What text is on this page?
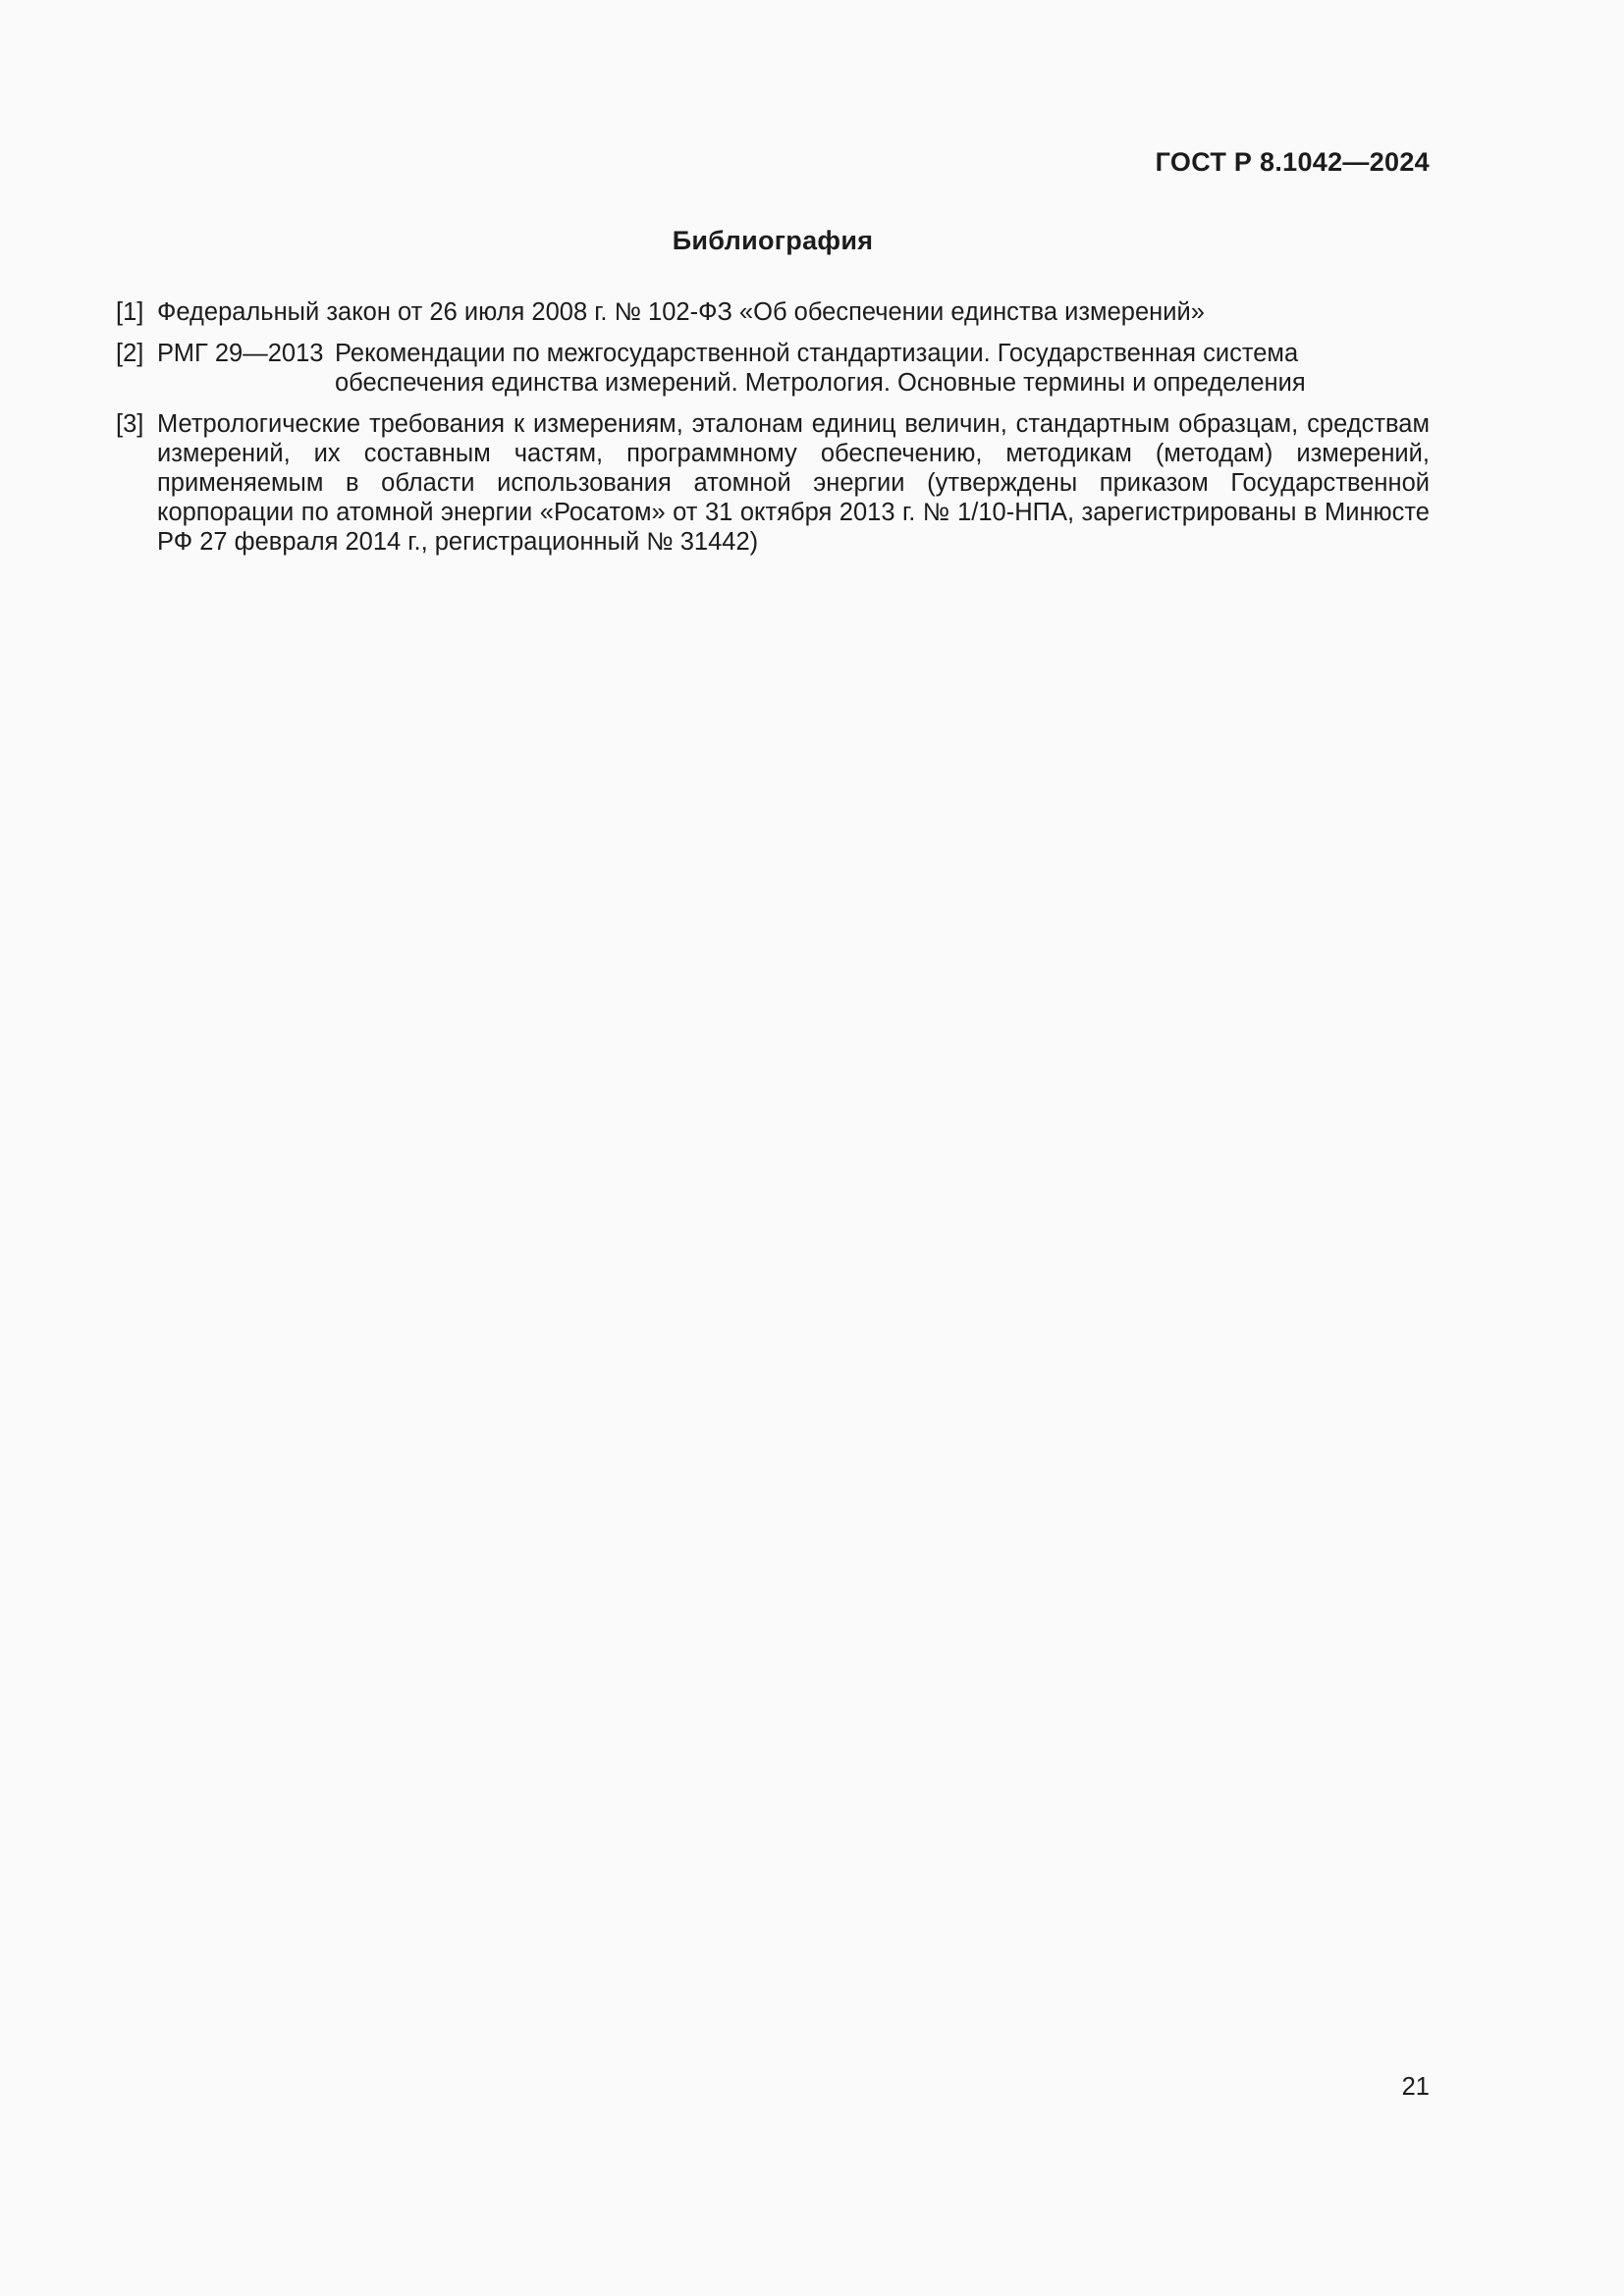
ГОСТ Р 8.1042—2024
Библиография
[1] Федеральный закон от 26 июля 2008 г. № 102-ФЗ «Об обеспечении единства измерений»
[2] РМГ 29—2013 Рекомендации по межгосударственной стандартизации. Государственная система обеспечения единства измерений. Метрология. Основные термины и определения
[3] Метрологические требования к измерениям, эталонам единиц величин, стандартным образцам, средствам измерений, их составным частям, программному обеспечению, методикам (методам) измерений, применяемым в области использования атомной энергии (утверждены приказом Государственной корпорации по атомной энергии «Росатом» от 31 октября 2013 г. № 1/10-НПА, зарегистрированы в Минюсте РФ 27 февраля 2014 г., регистрационный № 31442)
21
